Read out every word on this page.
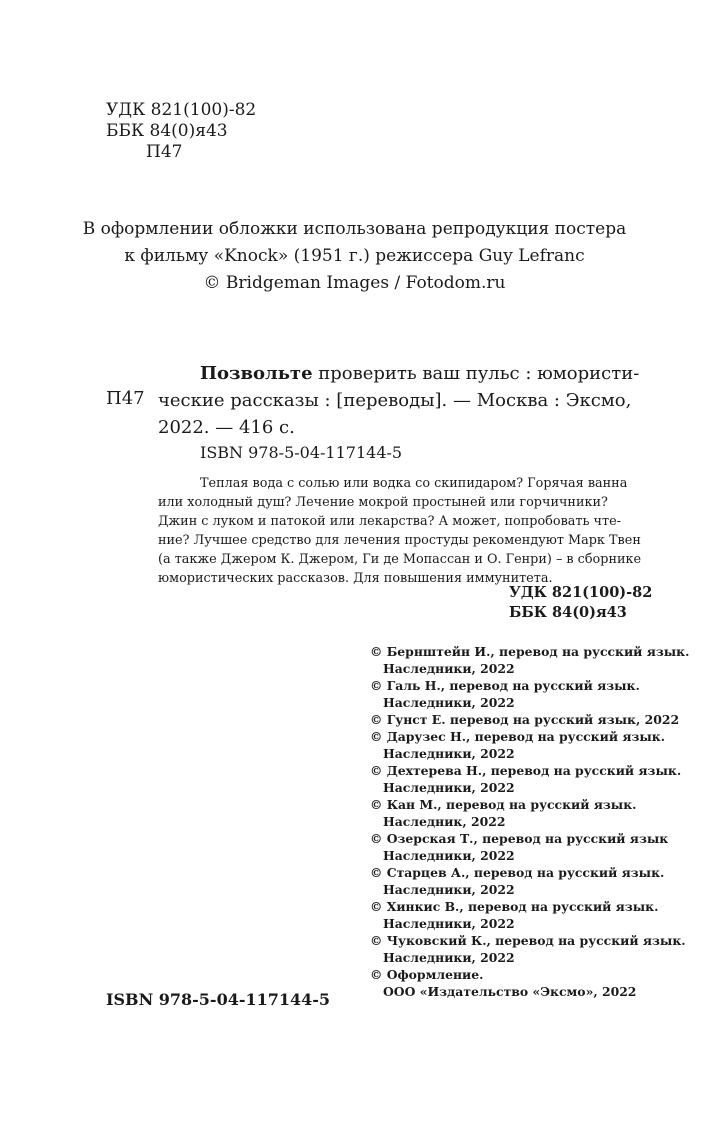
УДК 821(100)-82
ББК 84(0)я43
П47
В оформлении обложки использована репродукция постера
к фильму «Knock» (1951 г.) режиссера Guy Lefranc
© Bridgeman Images / Fotodom.ru
П47
Позвольте проверить ваш пульс : юмористи-
ческие рассказы : [переводы]. — Москва : Эксмо,
2022. — 416 с.
ISBN 978-5-04-117144-5
Теплая вода с солью или водка со скипидаром? Горячая ванна
или холодный душ? Лечение мокрой простыней или горчичники?
Джин с луком и патокой или лекарства? А может, попробовать чте-
ние? Лучшее средство для лечения простуды рекомендуют Марк Твен
(а также Джером К. Джером, Ги де Мопассан и О. Генри) – в сборнике
юмористических рассказов. Для повышения иммунитета.
УДК 821(100)-82
ББК 84(0)я43
© Бернштейн И., перевод на русский язык.
Наследники, 2022
© Галь Н., перевод на русский язык.
Наследники, 2022
© Гунст Е. перевод на русский язык, 2022
© Дарузес Н., перевод на русский язык.
Наследники, 2022
© Дехтерева Н., перевод на русский язык.
Наследники, 2022
© Кан М., перевод на русский язык.
Наследник, 2022
© Озерская Т., перевод на русский язык
Наследники, 2022
© Старцев А., перевод на русский язык.
Наследники, 2022
© Хинкис В., перевод на русский язык.
Наследники, 2022
© Чуковский К., перевод на русский язык.
Наследники, 2022
© Оформление.
ООО «Издательство «Эксмо», 2022
ISBN 978-5-04-117144-5
